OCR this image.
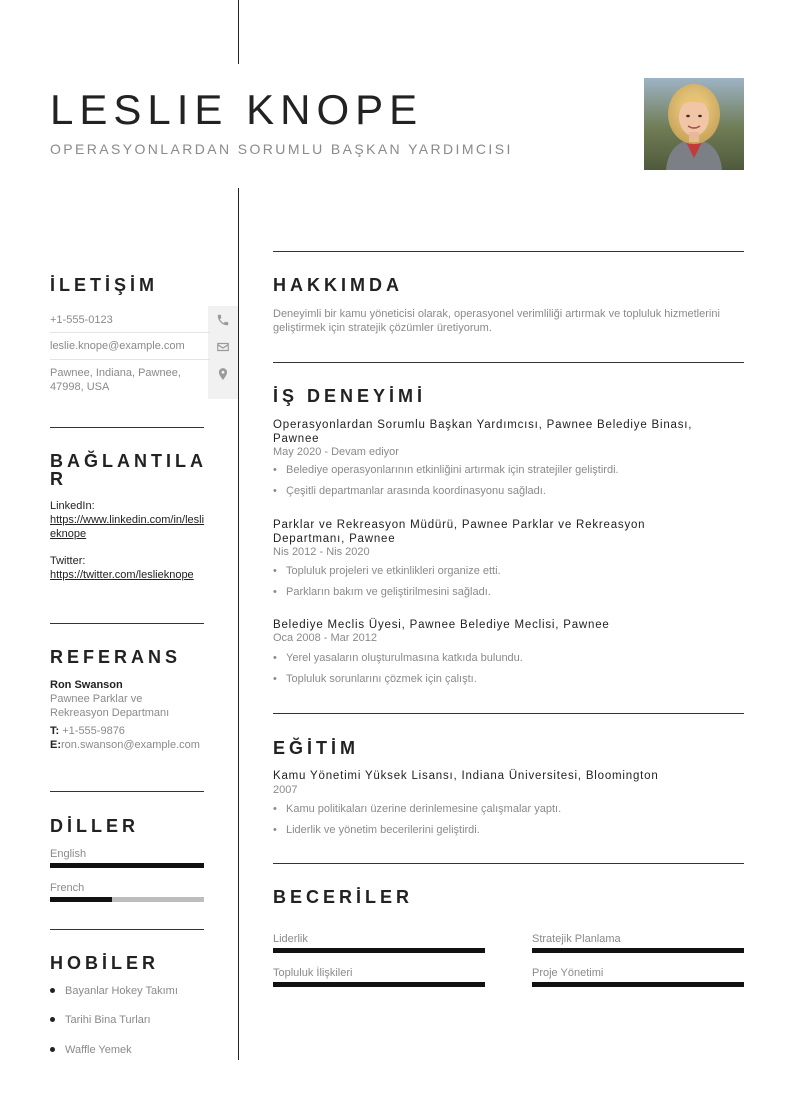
LESLIE KNOPE
OPERASYONLARDAN SORUMLU BAŞKAN YARDIMCISI
İLETİŞİM
+1-555-0123
leslie.knope@example.com
Pawnee, Indiana, Pawnee, 47998, USA
BAĞLANTILA R
LinkedIn:
https://www.linkedin.com/in/leslieknope
Twitter:
https://twitter.com/leslieknope
REFERANS
Ron Swanson
Pawnee Parklar ve Rekreasyon Departmanı
T: +1-555-9876
E: ron.swanson@example.com
DİLLER
English
French
HOBİLER
Bayanlar Hokey Takımı
Tarihi Bina Turları
Waffle Yemek
HAKKIMDA
Deneyimli bir kamu yöneticisi olarak, operasyonel verimliliği artırmak ve topluluk hizmetlerini geliştirmek için stratejik çözümler üretiyorum.
İŞ DENEYİMİ
Operasyonlardan Sorumlu Başkan Yardımcısı, Pawnee Belediye Binası, Pawnee
May 2020 - Devam ediyor
• Belediye operasyonlarının etkinliğini artırmak için stratejiler geliştirdi.
• Çeşitli departmanlar arasında koordinasyonu sağladı.
Parklar ve Rekreasyon Müdürü, Pawnee Parklar ve Rekreasyon Departmanı, Pawnee
Nis 2012 - Nis 2020
• Topluluk projeleri ve etkinlikleri organize etti.
• Parkların bakım ve geliştirilmesini sağladı.
Belediye Meclis Üyesi, Pawnee Belediye Meclisi, Pawnee
Oca 2008 - Mar 2012
• Yerel yasaların oluşturulmasına katkıda bulundu.
• Topluluk sorunlarını çözmek için çalıştı.
EĞİTİM
Kamu Yönetimi Yüksek Lisansı, Indiana Üniversitesi, Bloomington
2007
• Kamu politikaları üzerine derinlemesine çalışmalar yaptı.
• Liderlik ve yönetim becerilerini geliştirdi.
BECERİLER
Liderlik	Stratejik Planlama
Topluluk İlişkileri	Proje Yönetimi
